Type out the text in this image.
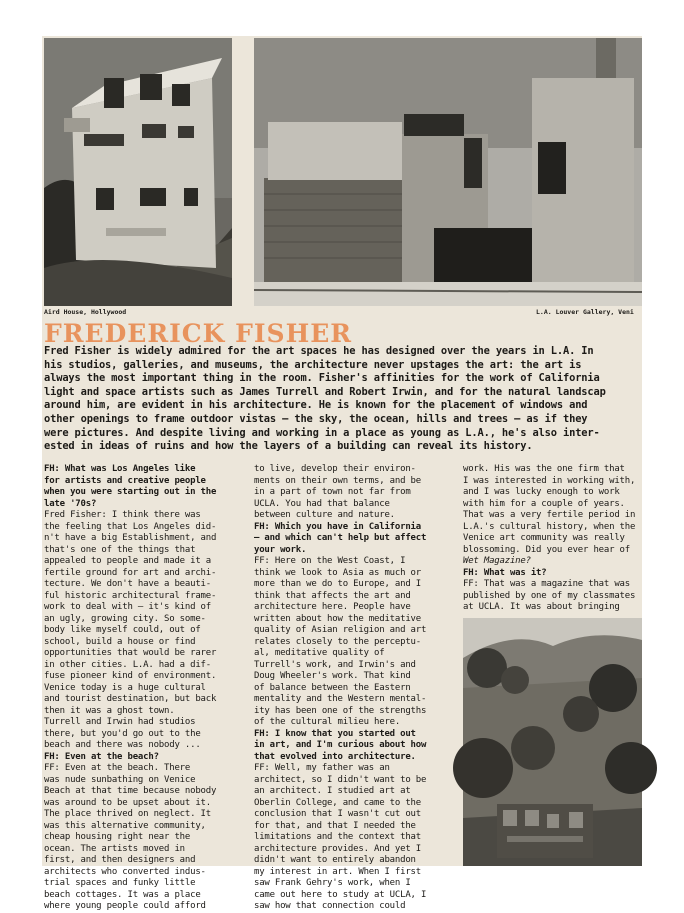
Aird House, Hollywood	L.A. Louver Gallery, Veni
FREDERICK FISHER

Fred Fisher is widely admired for the art spaces he has designed over the years in L.A. In

his studios, galleries, and museums, the architecture never upstages the art: the art is

always the most important thing in the room. Fisher's affinities for the work of California

light and space artists such as James Turrell and Robert Irwin, and for the natural landscap

around him, are evident in his architecture. He is known for the placement of windows and

other openings to frame outdoor vistas — the sky, the ocean, hills and trees — as if they

were pictures. And despite living and working in a place as young as L.A., he's also inter-

ested in ideas of ruins and how the layers of a building can reveal its history.

FH: What was Los Angeles like

for artists and creative people

when you were starting out in the

late '70s?

Fred Fisher: I think there was

the feeling that Los Angeles did-

n't have a big Establishment, and

that's one of the things that

appealed to people and made it a

fertile ground for art and archi-

tecture. We don't have a beauti-

ful historic architectural frame-

work to deal with — it's kind of

an ugly, growing city. So some-

body like myself could, out of

school, build a house or find

opportunities that would be rarer

in other cities. L.A. had a dif-

fuse pioneer kind of environment.

Venice today is a huge cultural

and tourist destination, but back

then it was a ghost town.

Turrell and Irwin had studios

there, but you'd go out to the

beach and there was nobody ...

FH: Even at the beach?

FF: Even at the beach. There

was nude sunbathing on Venice

Beach at that time because nobody

was around to be upset about it.

The place thrived on neglect. It

was this alternative community,

cheap housing right near the

ocean. The artists moved in

first, and then designers and

architects who converted indus-

trial spaces and funky little

beach cottages. It was a place

where young people could afford

to live, develop their environ-

ments on their own terms, and be

in a part of town not far from

UCLA. You had that balance

between culture and nature.

FH: Which you have in California

— and which can't help but affect

your work.

FF: Here on the West Coast, I

think we look to Asia as much or

more than we do to Europe, and I

think that affects the art and

architecture here. People have

written about how the meditative

quality of Asian religion and art

relates closely to the perceptu-

al, meditative quality of

Turrell's work, and Irwin's and

Doug Wheeler's work. That kind

of balance between the Eastern

mentality and the Western mental-

ity has been one of the strengths

of the cultural milieu here.

FH: I know that you started out

in art, and I'm curious about how

that evolved into architecture.

FF: Well, my father was an

architect, so I didn't want to be

an architect. I studied art at

Oberlin College, and came to the

conclusion that I wasn't cut out

for that, and that I needed the

limitations and the context that

architecture provides. And yet I

didn't want to entirely abandon

my interest in art. When I first

saw Frank Gehry's work, when I

came out here to study at UCLA, I

saw how that connection could

work. His was the one firm that

I was interested in working with,

and I was lucky enough to work

with him for a couple of years.

That was a very fertile period in

L.A.'s cultural history, when the

Venice art community was really

blossoming. Did you ever hear of

Wet Magazine?

FH: What was it?

FF: That was a magazine that was

published by one of my classmates

at UCLA. It was about bringing
